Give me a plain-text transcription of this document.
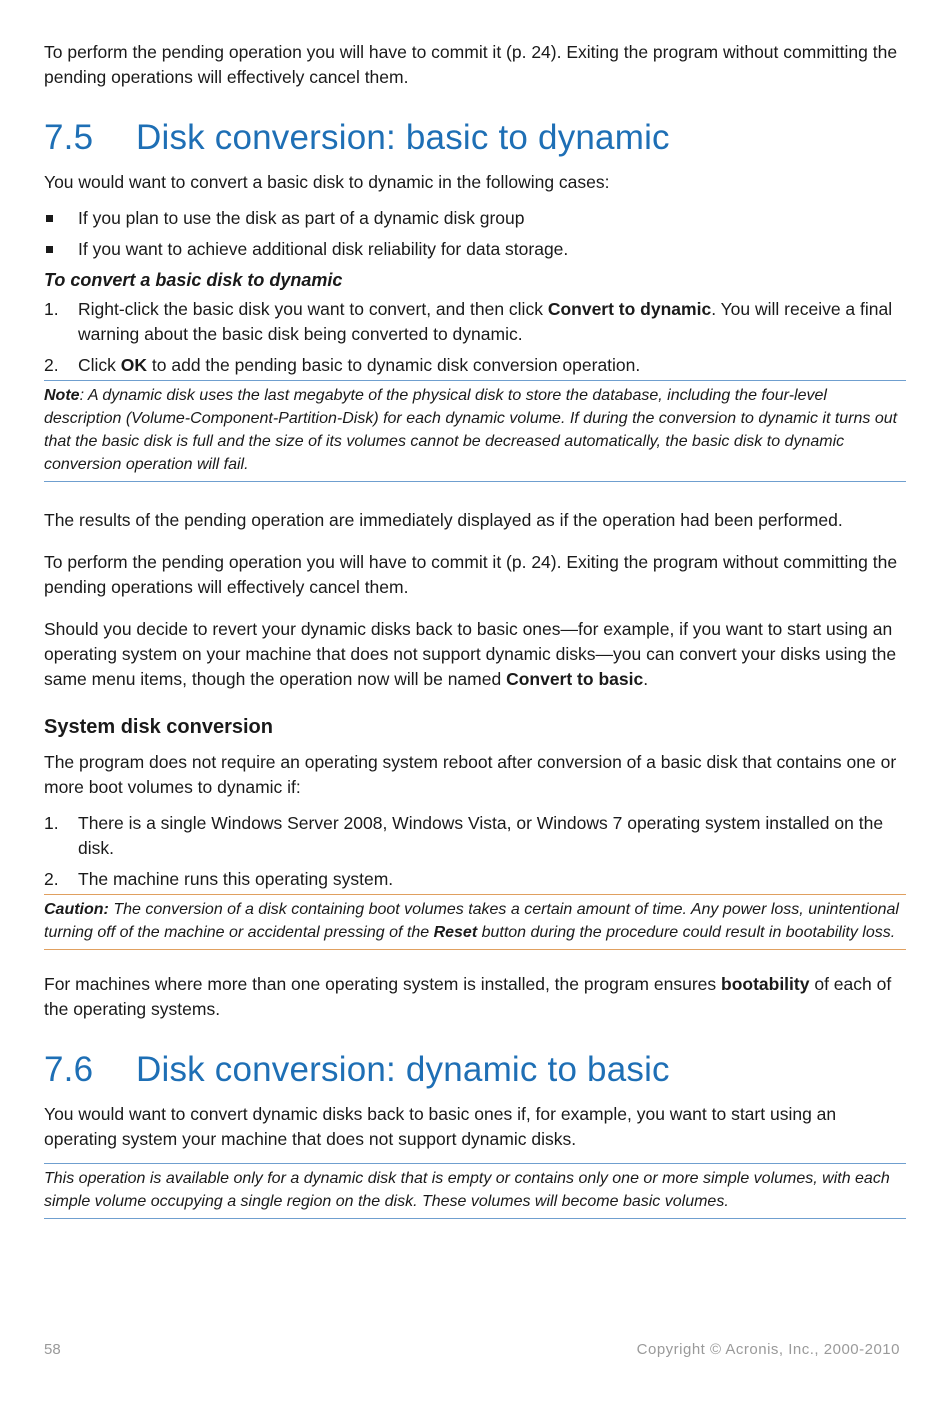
To perform the pending operation you will have to commit it (p. 24). Exiting the program without committing the pending operations will effectively cancel them.

7.5 Disk conversion: basic to dynamic

You would want to convert a basic disk to dynamic in the following cases:

If you plan to use the disk as part of a dynamic disk group
If you want to achieve additional disk reliability for data storage.
To convert a basic disk to dynamic
1. Right-click the basic disk you want to convert, and then click Convert to dynamic. You will receive a final warning about the basic disk being converted to dynamic.
2. Click OK to add the pending basic to dynamic disk conversion operation.
Note: A dynamic disk uses the last megabyte of the physical disk to store the database, including the four-level description (Volume-Component-Partition-Disk) for each dynamic volume. If during the conversion to dynamic it turns out that the basic disk is full and the size of its volumes cannot be decreased automatically, the basic disk to dynamic conversion operation will fail.

The results of the pending operation are immediately displayed as if the operation had been performed.

To perform the pending operation you will have to commit it (p. 24). Exiting the program without committing the pending operations will effectively cancel them.

Should you decide to revert your dynamic disks back to basic ones—for example, if you want to start using an operating system on your machine that does not support dynamic disks—you can convert your disks using the same menu items, though the operation now will be named Convert to basic.

System disk conversion

The program does not require an operating system reboot after conversion of a basic disk that contains one or more boot volumes to dynamic if:

1. There is a single Windows Server 2008, Windows Vista, or Windows 7 operating system installed on the disk.
2. The machine runs this operating system.
Caution: The conversion of a disk containing boot volumes takes a certain amount of time. Any power loss, unintentional turning off of the machine or accidental pressing of the Reset button during the procedure could result in bootability loss.

For machines where more than one operating system is installed, the program ensures bootability of each of the operating systems.

7.6 Disk conversion: dynamic to basic

You would want to convert dynamic disks back to basic ones if, for example, you want to start using an operating system your machine that does not support dynamic disks.

This operation is available only for a dynamic disk that is empty or contains only one or more simple volumes, with each simple volume occupying a single region on the disk. These volumes will become basic volumes.
58	Copyright © Acronis, Inc., 2000-2010
